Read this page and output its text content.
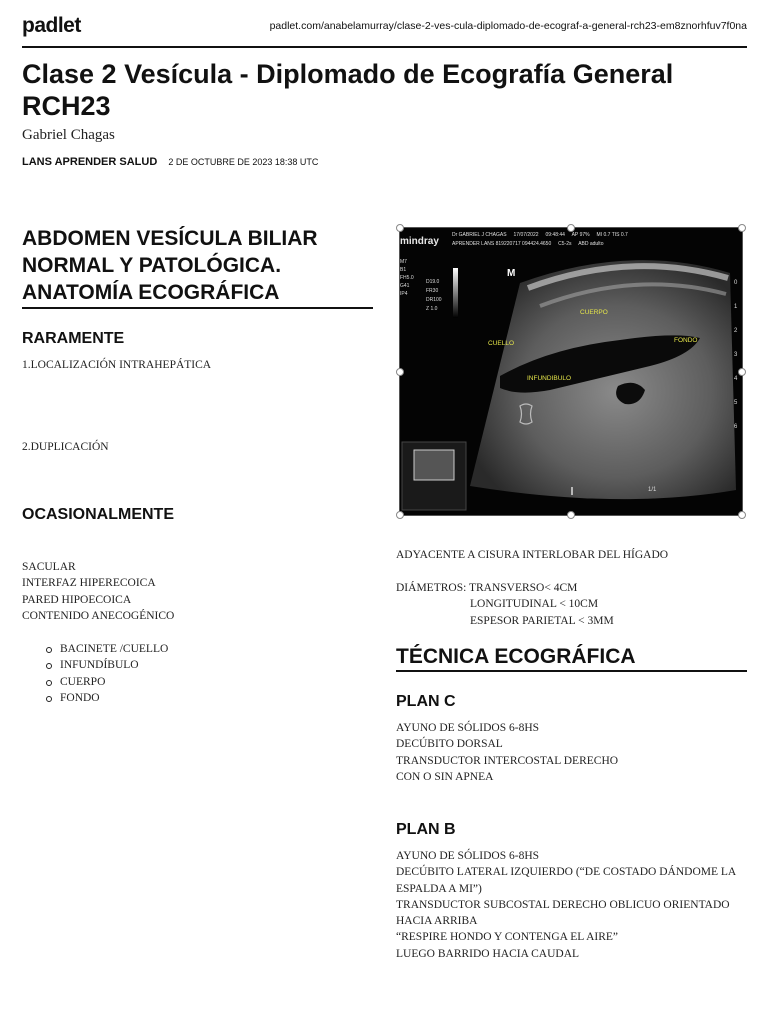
padlet	padlet.com/anabelamurray/clase-2-ves-cula-diplomado-de-ecograf-a-general-rch23-em8znorhfuv7f0na
Clase 2 Vesícula - Diplomado de Ecografía General RCH23
Gabriel Chagas
LANS APRENDER SALUD 2 DE OCTUBRE DE 2023 18:38 UTC
ABDOMEN VESÍCULA BILIAR NORMAL Y PATOLÓGICA. ANATOMÍA ECOGRÁFICA
RARAMENTE
1.LOCALIZACIÓN INTRAHEPÁTICA
2.DUPLICACIÓN
OCASIONALMENTE
SACULAR
INTERFAZ HIPERECOICA
PARED HIPOECOICA
CONTENIDO ANECOGÉNICO
BACINETE /CUELLO
INFUNDÍBULO
CUERPO
FONDO
0
1
2
3
4
5
6
mindray
Dr GABRIEL J CHAGAS     17/07/2022     09:48:44     AP 97%     MI 0.7 TIS 0.7
APRENDER LANS 819220717 094424.4650     C5-2s     ABD adulto
M7
B1
FH5.0
G41
IP4
D19.0
FR30
DR100
Z 1.0
M
CUERPO
FONDO
CUELLO
INFUNDIBULO
1/1
ADYACENTE A CISURA INTERLOBAR DEL HÍGADO
DIÁMETROS: TRANSVERSO< 4CM
LONGITUDINAL < 10CM
ESPESOR PARIETAL < 3MM
TÉCNICA ECOGRÁFICA
PLAN C
AYUNO DE SÓLIDOS 6-8HS
DECÚBITO DORSAL
TRANSDUCTOR INTERCOSTAL DERECHO
CON O SIN APNEA
PLAN B
AYUNO DE SÓLIDOS 6-8HS
DECÚBITO LATERAL IZQUIERDO (“DE COSTADO DÁNDOME LA
ESPALDA A MI”)
TRANSDUCTOR SUBCOSTAL DERECHO OBLICUO ORIENTADO
HACIA ARRIBA
“RESPIRE HONDO Y CONTENGA EL AIRE”
LUEGO BARRIDO HACIA CAUDAL
